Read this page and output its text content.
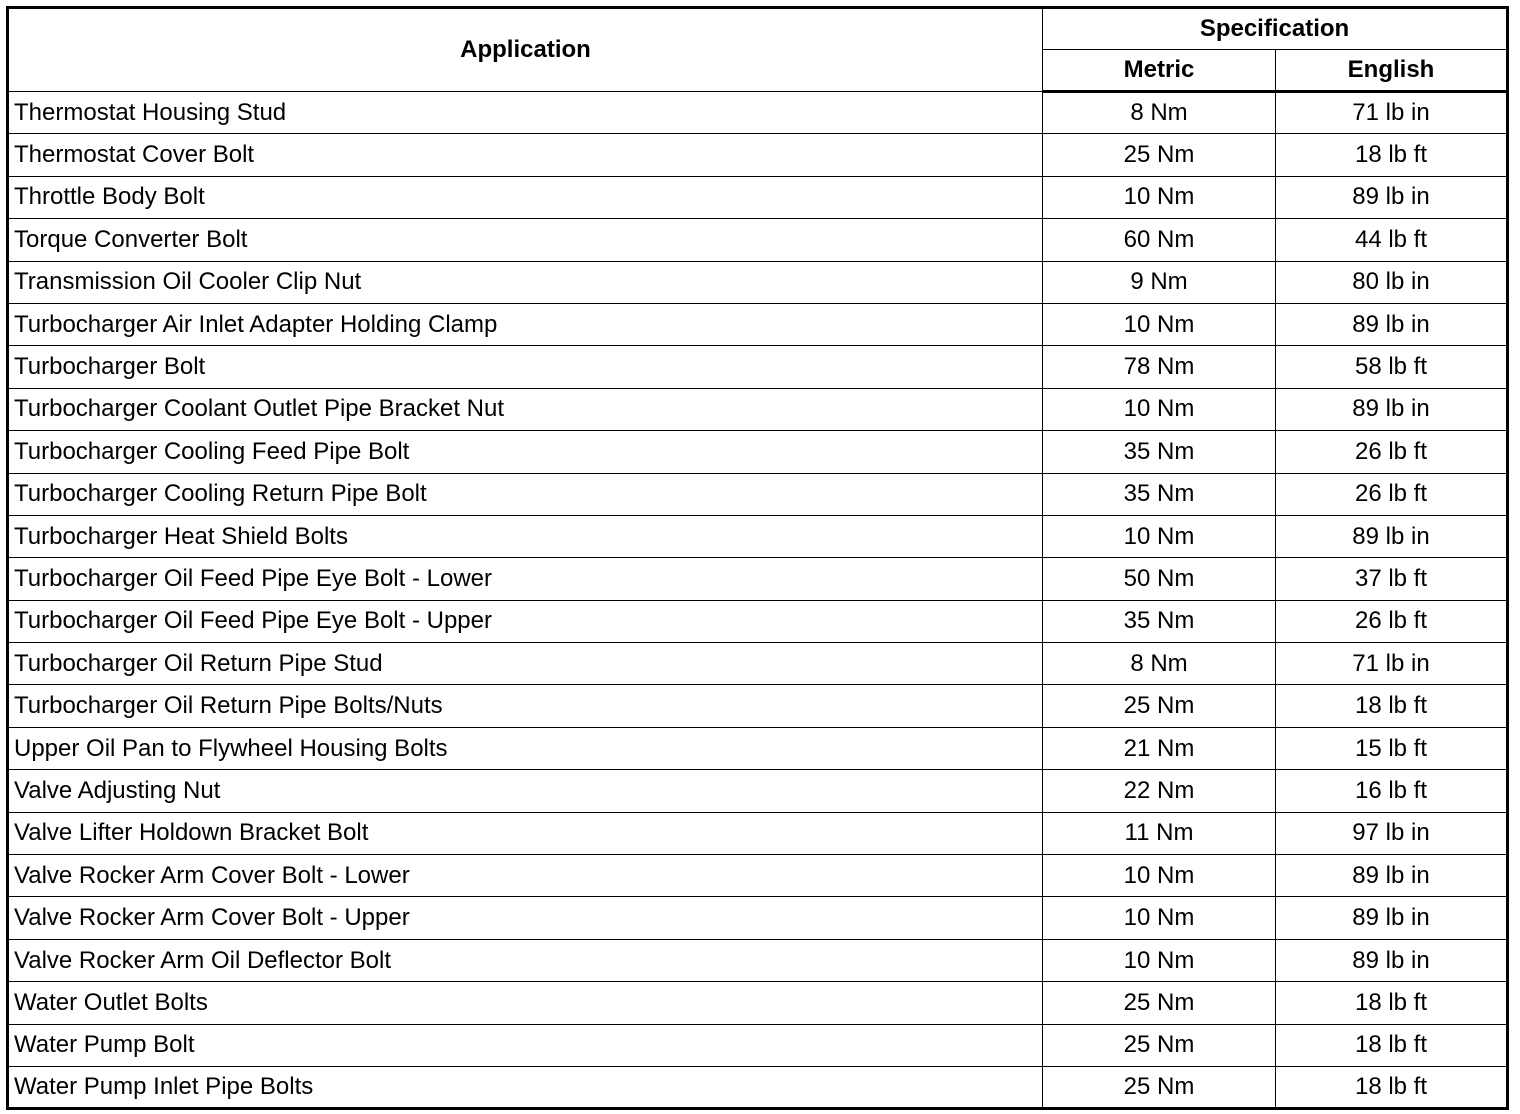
Application	Specification	
	Metric	English
Thermostat Housing Stud	8 Nm	71 lb in
Thermostat Cover Bolt	25 Nm	18 lb ft
Throttle Body Bolt	10 Nm	89 lb in
Torque Converter Bolt	60 Nm	44 lb ft
Transmission Oil Cooler Clip Nut	9 Nm	80 lb in
Turbocharger Air Inlet Adapter Holding Clamp	10 Nm	89 lb in
Turbocharger Bolt	78 Nm	58 lb ft
Turbocharger Coolant Outlet Pipe Bracket Nut	10 Nm	89 lb in
Turbocharger Cooling Feed Pipe Bolt	35 Nm	26 lb ft
Turbocharger Cooling Return Pipe Bolt	35 Nm	26 lb ft
Turbocharger Heat Shield Bolts	10 Nm	89 lb in
Turbocharger Oil Feed Pipe Eye Bolt - Lower	50 Nm	37 lb ft
Turbocharger Oil Feed Pipe Eye Bolt - Upper	35 Nm	26 lb ft
Turbocharger Oil Return Pipe Stud	8 Nm	71 lb in
Turbocharger Oil Return Pipe Bolts/Nuts	25 Nm	18 lb ft
Upper Oil Pan to Flywheel Housing Bolts	21 Nm	15 lb ft
Valve Adjusting Nut	22 Nm	16 lb ft
Valve Lifter Holdown Bracket Bolt	11 Nm	97 lb in
Valve Rocker Arm Cover Bolt - Lower	10 Nm	89 lb in
Valve Rocker Arm Cover Bolt - Upper	10 Nm	89 lb in
Valve Rocker Arm Oil Deflector Bolt	10 Nm	89 lb in
Water Outlet Bolts	25 Nm	18 lb ft
Water Pump Bolt	25 Nm	18 lb ft
Water Pump Inlet Pipe Bolts	25 Nm	18 lb ft
